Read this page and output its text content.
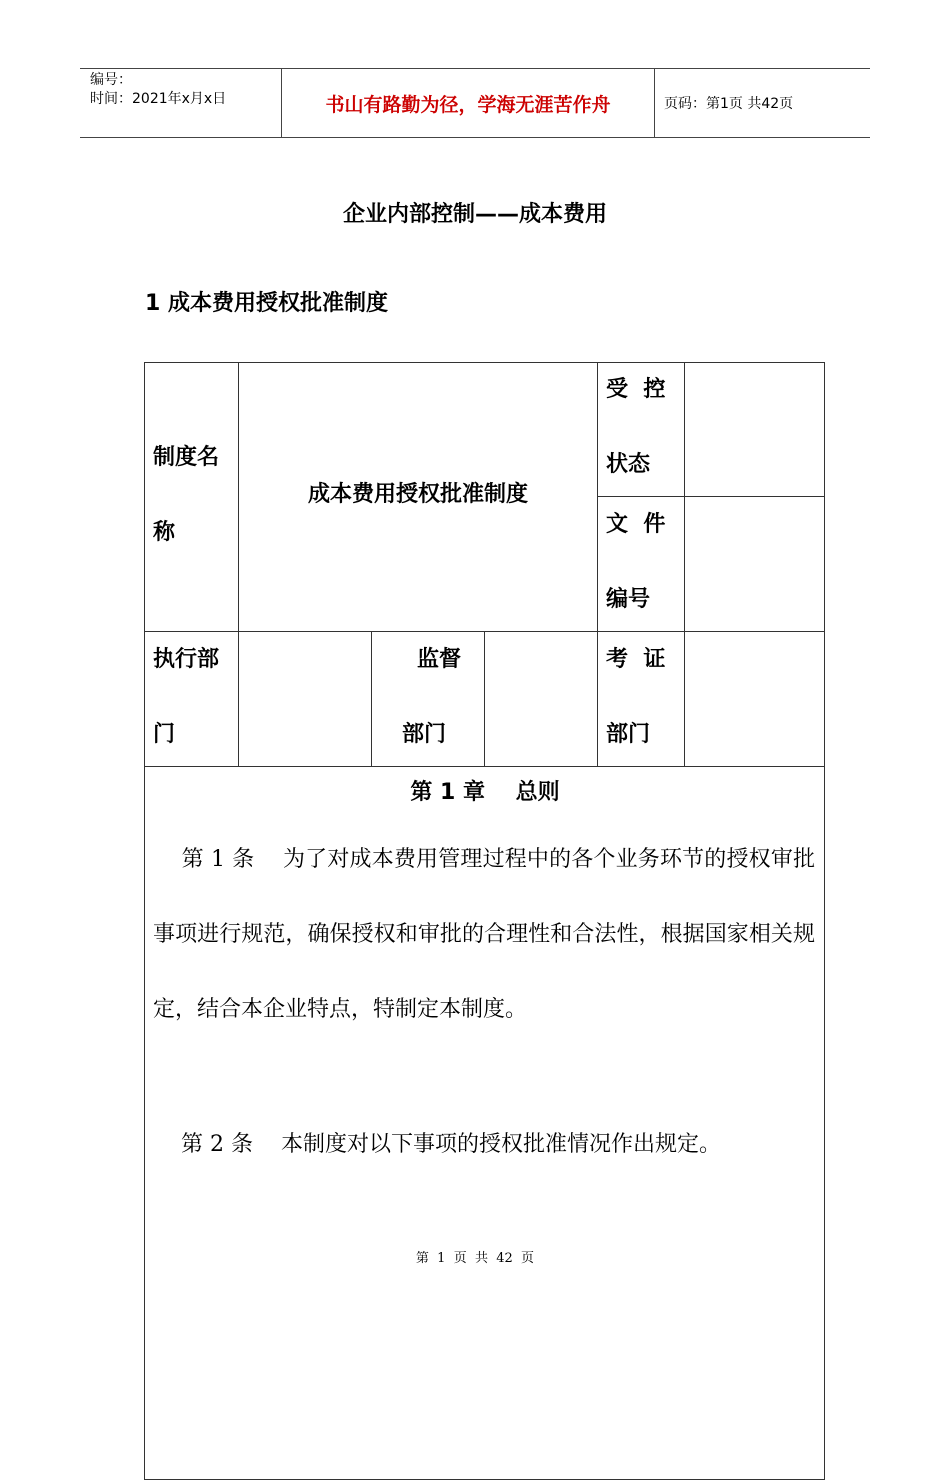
编号：
时间：2021年x月x日	书山有路勤为径，学海无涯苦作舟	页码：第1页 共42页
企业内部控制——成本费用
1 成本费用授权批准制度
制度名
称
成本费用授权批准制度
受  控
状态
文  件
编号
执行部
门
监督
部门
考  证
部门
第 1 章    总则
第 1 条    为了对成本费用管理过程中的各个业务环节的授权审批事项进行规范，确保授权和审批的合理性和合法性，根据国家相关规定，结合本企业特点，特制定本制度。
第 2 条    本制度对以下事项的授权批准情况作出规定。
第  1  页  共  42  页
